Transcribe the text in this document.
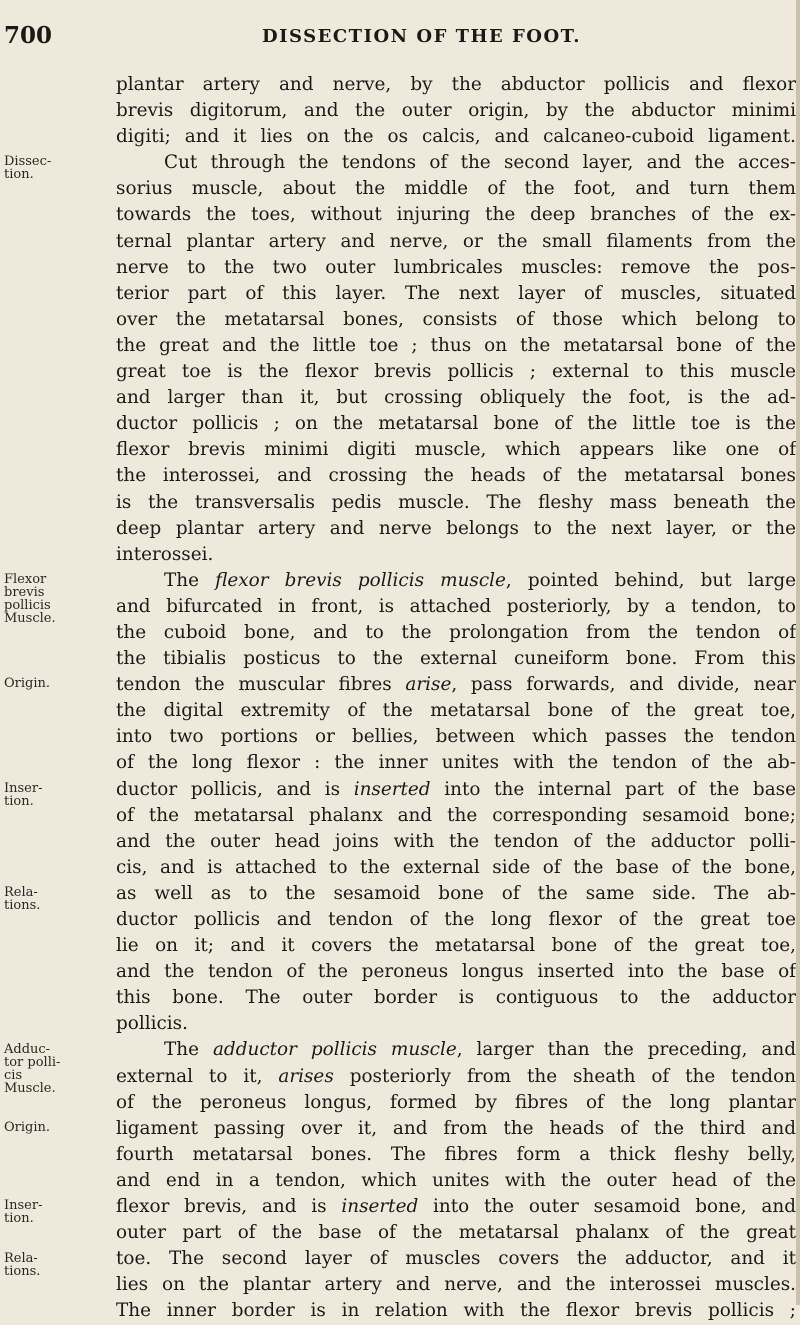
700	DISSECTION OF THE FOOT.
Dissec-
tion.
Flexor
brevis
pollicis
Muscle.
Origin.
Inser-
tion.
Rela-
tions.
Adduc-
tor polli-
cis
Muscle.
Origin.
Inser-
tion.
Rela-
tions.
plantar artery and nerve, by the abductor pollicis and flexor
brevis digitorum, and the outer origin, by the abductor minimi
digiti; and it lies on the os calcis, and calcaneo-cuboid ligament.
Cut through the tendons of the second layer, and the acces-
sorius muscle, about the middle of the foot, and turn them
towards the toes, without injuring the deep branches of the ex-
ternal plantar artery and nerve, or the small filaments from the
nerve to the two outer lumbricales muscles: remove the pos-
terior part of this layer. The next layer of muscles, situated
over the metatarsal bones, consists of those which belong to
the great and the little toe ; thus on the metatarsal bone of the
great toe is the flexor brevis pollicis ; external to this muscle
and larger than it, but crossing obliquely the foot, is the ad-
ductor pollicis ; on the metatarsal bone of the little toe is the
flexor brevis minimi digiti muscle, which appears like one of
the interossei, and crossing the heads of the metatarsal bones
is the transversalis pedis muscle. The fleshy mass beneath the
deep plantar artery and nerve belongs to the next layer, or the
interossei.
The flexor brevis pollicis muscle, pointed behind, but large
and bifurcated in front, is attached posteriorly, by a tendon, to
the cuboid bone, and to the prolongation from the tendon of
the tibialis posticus to the external cuneiform bone. From this
tendon the muscular fibres arise, pass forwards, and divide, near
the digital extremity of the metatarsal bone of the great toe,
into two portions or bellies, between which passes the tendon
of the long flexor : the inner unites with the tendon of the ab-
ductor pollicis, and is inserted into the internal part of the base
of the metatarsal phalanx and the corresponding sesamoid bone;
and the outer head joins with the tendon of the adductor polli-
cis, and is attached to the external side of the base of the bone,
as well as to the sesamoid bone of the same side. The ab-
ductor pollicis and tendon of the long flexor of the great toe
lie on it; and it covers the metatarsal bone of the great toe,
and the tendon of the peroneus longus inserted into the base of
this bone. The outer border is contiguous to the adductor
pollicis.
The adductor pollicis muscle, larger than the preceding, and
external to it, arises posteriorly from the sheath of the tendon
of the peroneus longus, formed by fibres of the long plantar
ligament passing over it, and from the heads of the third and
fourth metatarsal bones. The fibres form a thick fleshy belly,
and end in a tendon, which unites with the outer head of the
flexor brevis, and is inserted into the outer sesamoid bone, and
outer part of the base of the metatarsal phalanx of the great
toe. The second layer of muscles covers the adductor, and it
lies on the plantar artery and nerve, and the interossei muscles.
The inner border is in relation with the flexor brevis pollicis ;
